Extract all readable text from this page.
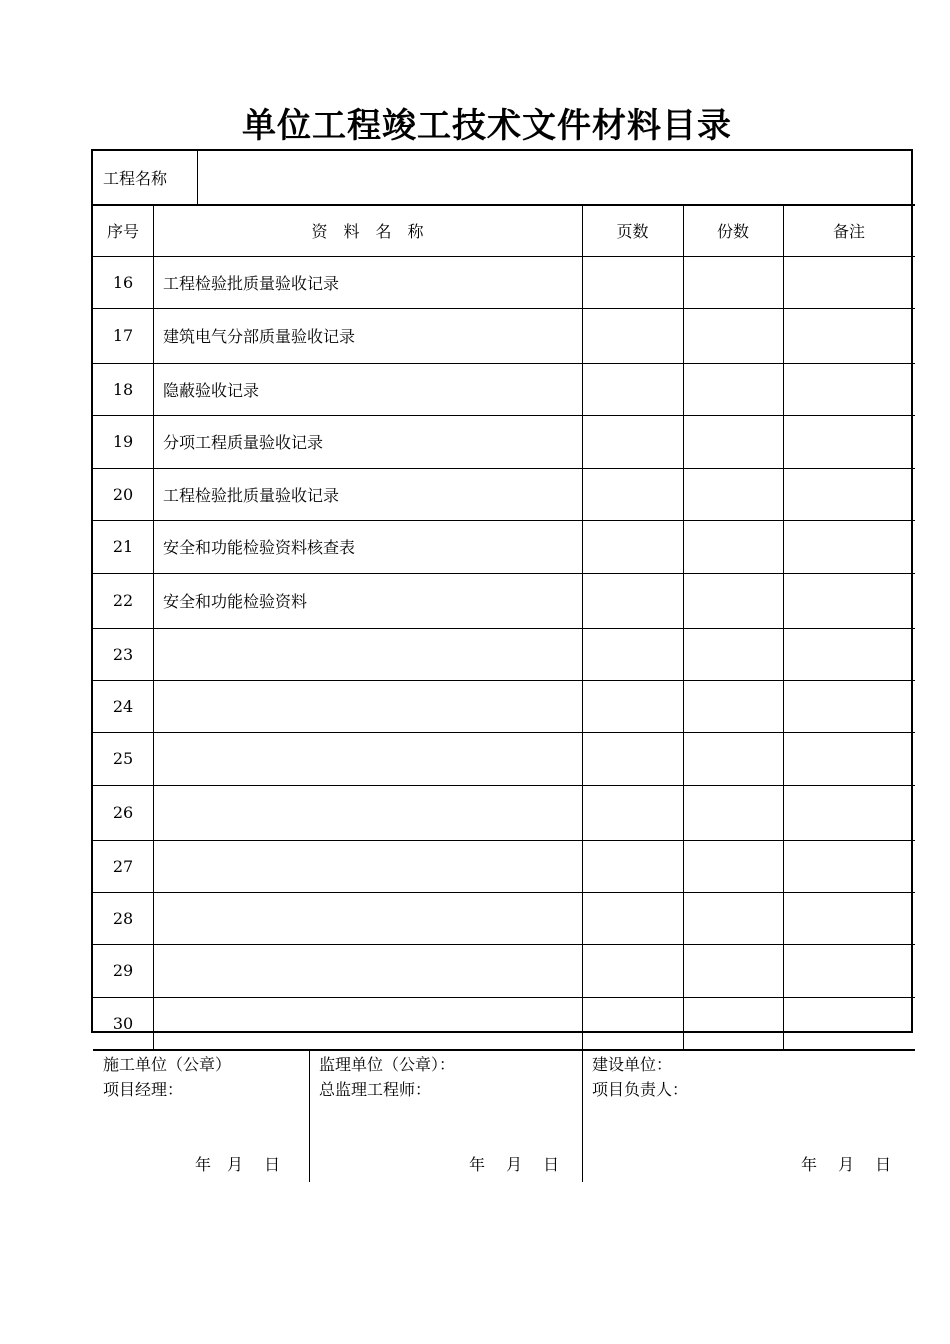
单位工程竣工技术文件材料目录
工程名称
序号	资　料　名　称	页数	份数	备注
16	工程检验批质量验收记录
17	建筑电气分部质量验收记录
18	隐蔽验收记录
19	分项工程质量验收记录
20	工程检验批质量验收记录
21	安全和功能检验资料核查表
22	安全和功能检验资料
23
24
25
26
27
28
29
30
施工单位（公章）
项目经理：
年　月　 日
监理单位（公章）：
总监理工程师：
年　 月　 日
建设单位：
项目负责人：
年　 月　 日
